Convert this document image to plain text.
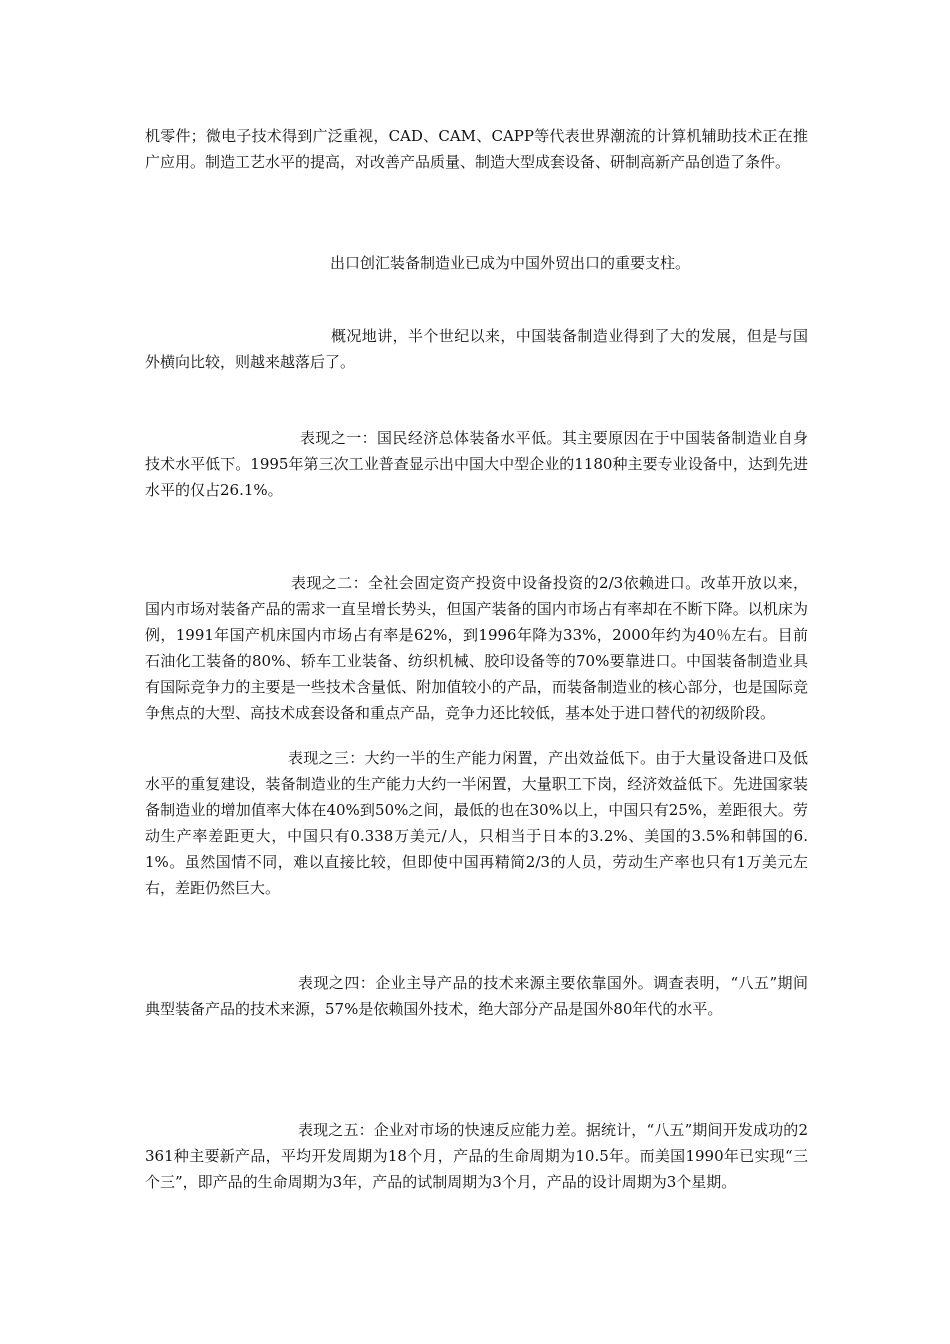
机零件；微电子技术得到广泛重视，CAD、CAM、CAPP等代表世界潮流的计算机辅助技术正在推广应用。制造工艺水平的提高，对改善产品质量、制造大型成套设备、研制高新产品创造了条件。

出口创汇装备制造业已成为中国外贸出口的重要支柱。

概况地讲，半个世纪以来，中国装备制造业得到了大的发展，但是与国外横向比较，则越来越落后了。

表现之一：国民经济总体装备水平低。其主要原因在于中国装备制造业自身技术水平低下。1995年第三次工业普查显示出中国大中型企业的1180种主要专业设备中，达到先进水平的仅占26.1%。

表现之二：全社会固定资产投资中设备投资的2/3依赖进口。改革开放以来，国内市场对装备产品的需求一直呈增长势头，但国产装备的国内市场占有率却在不断下降。以机床为例，1991年国产机床国内市场占有率是62%，到1996年降为33%，2000年约为40％左右。目前石油化工装备的80%、轿车工业装备、纺织机械、胶印设备等的70%要靠进口。中国装备制造业具有国际竞争力的主要是一些技术含量低、附加值较小的产品，而装备制造业的核心部分，也是国际竞争焦点的大型、高技术成套设备和重点产品，竞争力还比较低，基本处于进口替代的初级阶段。

表现之三：大约一半的生产能力闲置，产出效益低下。由于大量设备进口及低水平的重复建设，装备制造业的生产能力大约一半闲置，大量职工下岗，经济效益低下。先进国家装备制造业的增加值率大体在40%到50%之间，最低的也在30%以上，中国只有25%，差距很大。劳动生产率差距更大，中国只有0.338万美元/人，只相当于日本的3.2%、美国的3.5%和韩国的6.1%。虽然国情不同，难以直接比较，但即使中国再精简2/3的人员，劳动生产率也只有1万美元左右，差距仍然巨大。

表现之四：企业主导产品的技术来源主要依靠国外。调查表明，“八五”期间典型装备产品的技术来源，57%是依赖国外技术，绝大部分产品是国外80年代的水平。

表现之五：企业对市场的快速反应能力差。据统计，“八五”期间开发成功的2361种主要新产品，平均开发周期为18个月，产品的生命周期为10.5年。而美国1990年已实现“三个三”，即产品的生命周期为3年，产品的试制周期为3个月，产品的设计周期为3个星期。
